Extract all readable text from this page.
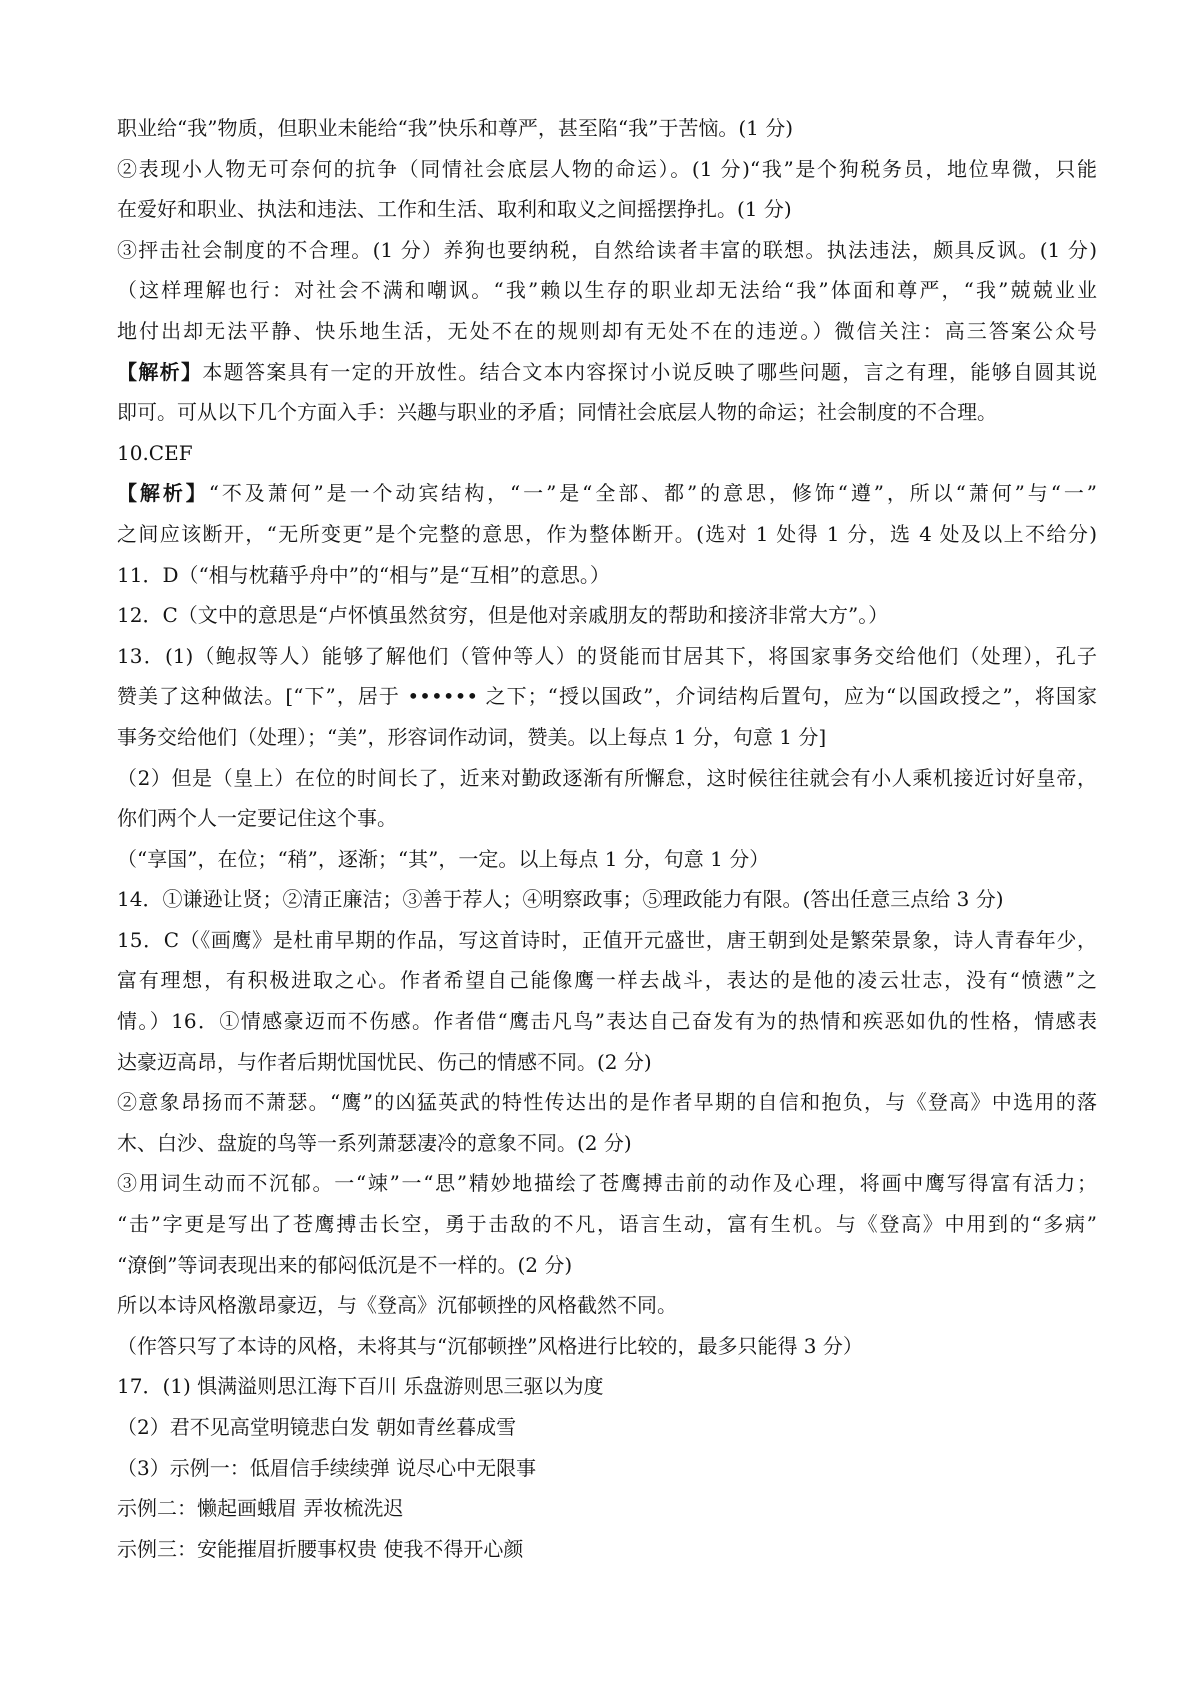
职业给“我”物质，但职业未能给“我”快乐和尊严，甚至陷“我”于苦恼。(1 分)
②表现小人物无可奈何的抗争（同情社会底层人物的命运）。(1 分)“我”是个狗税务员，地位卑微，只能
在爱好和职业、执法和违法、工作和生活、取利和取义之间摇摆挣扎。(1 分)
③抨击社会制度的不合理。(1 分）养狗也要纳税，自然给读者丰富的联想。执法违法，颇具反讽。(1 分)
（这样理解也行：对社会不满和嘲讽。“我”赖以生存的职业却无法给“我”体面和尊严，“我”兢兢业业
地付出却无法平静、快乐地生活，无处不在的规则却有无处不在的违逆。）微信关注：高三答案公众号
【解析】本题答案具有一定的开放性。结合文本内容探讨小说反映了哪些问题，言之有理，能够自圆其说
即可。可从以下几个方面入手：兴趣与职业的矛盾；同情社会底层人物的命运；社会制度的不合理。
10.CEF
【解析】“不及萧何”是一个动宾结构，“一”是“全部、都”的意思，修饰“遵”，所以“萧何”与“一”
之间应该断开，“无所变更”是个完整的意思，作为整体断开。(选对 1 处得 1 分，选 4 处及以上不给分)
11．D（“相与枕藉乎舟中”的“相与”是“互相”的意思。）
12．C（文中的意思是“卢怀慎虽然贫穷，但是他对亲戚朋友的帮助和接济非常大方”。）
13．(1)（鲍叔等人）能够了解他们（管仲等人）的贤能而甘居其下，将国家事务交给他们（处理），孔子
赞美了这种做法。[“下”，居于 •••••• 之下；“授以国政”，介词结构后置句，应为“以国政授之”，将国家
事务交给他们（处理）；“美”，形容词作动词，赞美。以上每点 1 分，句意 1 分]
（2）但是（皇上）在位的时间长了，近来对勤政逐渐有所懈怠，这时候往往就会有小人乘机接近讨好皇帝，
你们两个人一定要记住这个事。
（“享国”，在位；“稍”，逐渐；“其”，一定。以上每点 1 分，句意 1 分）
14．①谦逊让贤；②清正廉洁；③善于荐人；④明察政事；⑤理政能力有限。(答出任意三点给 3 分)
15．C（《画鹰》是杜甫早期的作品，写这首诗时，正值开元盛世，唐王朝到处是繁荣景象，诗人青春年少，
富有理想，有积极进取之心。作者希望自己能像鹰一样去战斗，表达的是他的凌云壮志，没有“愤懑”之
情。）16．①情感豪迈而不伤感。作者借“鹰击凡鸟”表达自己奋发有为的热情和疾恶如仇的性格，情感表
达豪迈高昂，与作者后期忧国忧民、伤己的情感不同。(2 分)
②意象昂扬而不萧瑟。“鹰”的凶猛英武的特性传达出的是作者早期的自信和抱负，与《登高》中选用的落
木、白沙、盘旋的鸟等一系列萧瑟凄冷的意象不同。(2 分)
③用词生动而不沉郁。一“竦”一“思”精妙地描绘了苍鹰搏击前的动作及心理，将画中鹰写得富有活力；
“击”字更是写出了苍鹰搏击长空，勇于击敌的不凡，语言生动，富有生机。与《登高》中用到的“多病”
“潦倒”等词表现出来的郁闷低沉是不一样的。(2 分)
所以本诗风格激昂豪迈，与《登高》沉郁顿挫的风格截然不同。
（作答只写了本诗的风格，未将其与“沉郁顿挫”风格进行比较的，最多只能得 3 分）
17．(1) 惧满溢则思江海下百川 乐盘游则思三驱以为度
（2）君不见高堂明镜悲白发 朝如青丝暮成雪
（3）示例一：低眉信手续续弹 说尽心中无限事
示例二：懒起画蛾眉 弄妆梳洗迟
示例三：安能摧眉折腰事权贵 使我不得开心颜
